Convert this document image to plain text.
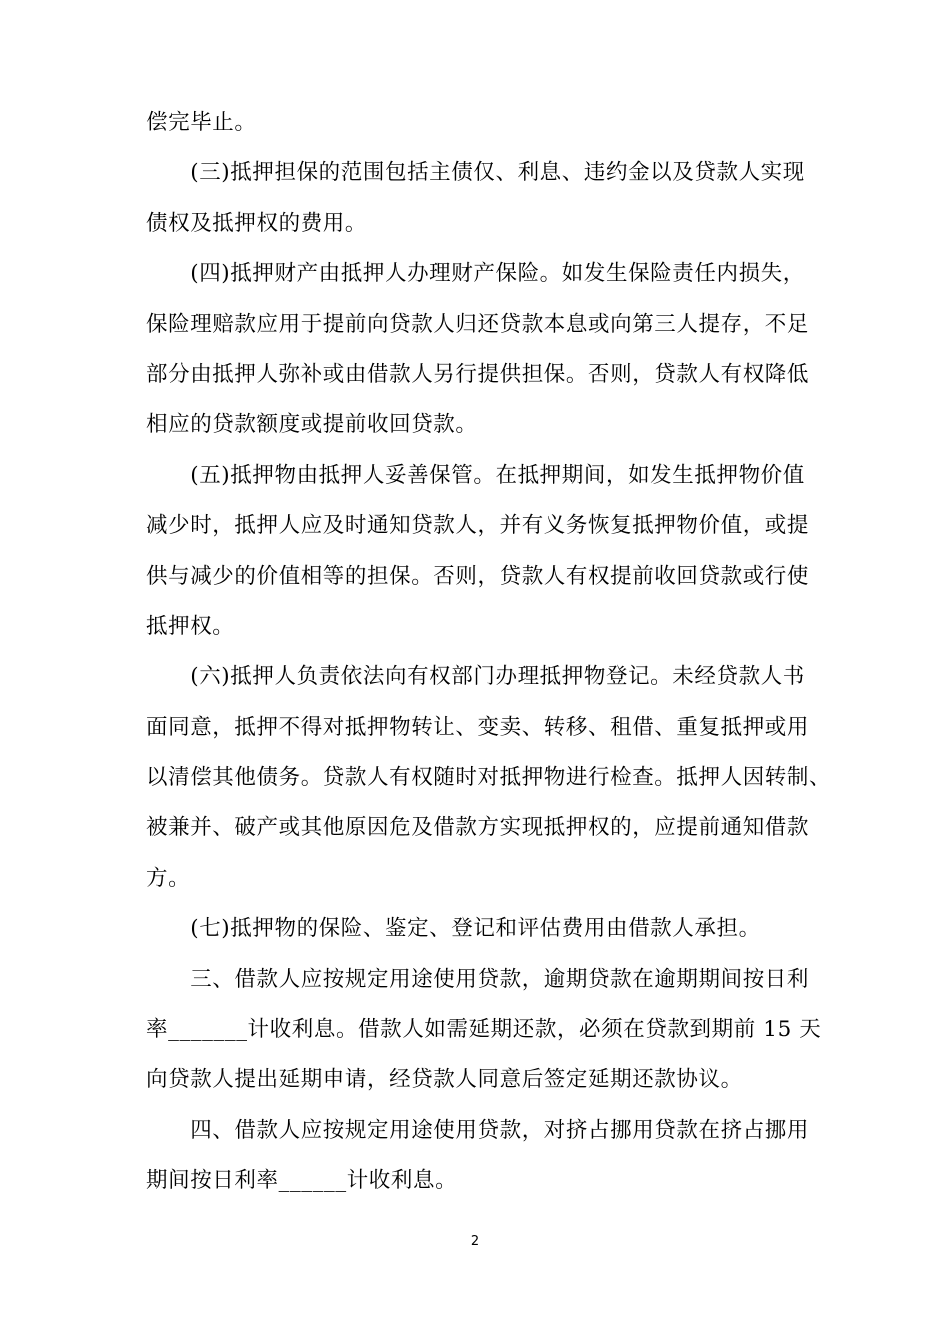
偿完毕止。
　　(三)抵押担保的范围包括主债仅、利息、违约金以及贷款人实现
债权及抵押权的费用。
　　(四)抵押财产由抵押人办理财产保险。如发生保险责任内损失，
保险理赔款应用于提前向贷款人归还贷款本息或向第三人提存，不足
部分由抵押人弥补或由借款人另行提供担保。否则，贷款人有权降低
相应的贷款额度或提前收回贷款。
　　(五)抵押物由抵押人妥善保管。在抵押期间，如发生抵押物价值
减少时，抵押人应及时通知贷款人，并有义务恢复抵押物价值，或提
供与减少的价值相等的担保。否则，贷款人有权提前收回贷款或行使
抵押权。
　　(六)抵押人负责依法向有权部门办理抵押物登记。未经贷款人书
面同意，抵押不得对抵押物转让、变卖、转移、租借、重复抵押或用
以清偿其他债务。贷款人有权随时对抵押物进行检查。抵押人因转制、
被兼并、破产或其他原因危及借款方实现抵押权的，应提前通知借款
方。
　　(七)抵押物的保险、鉴定、登记和评估费用由借款人承担。
　　三、借款人应按规定用途使用贷款，逾期贷款在逾期期间按日利
率_______计收利息。借款人如需延期还款，必须在贷款到期前 15 天
向贷款人提出延期申请，经贷款人同意后签定延期还款协议。
　　四、借款人应按规定用途使用贷款，对挤占挪用贷款在挤占挪用
期间按日利率______计收利息。
2
